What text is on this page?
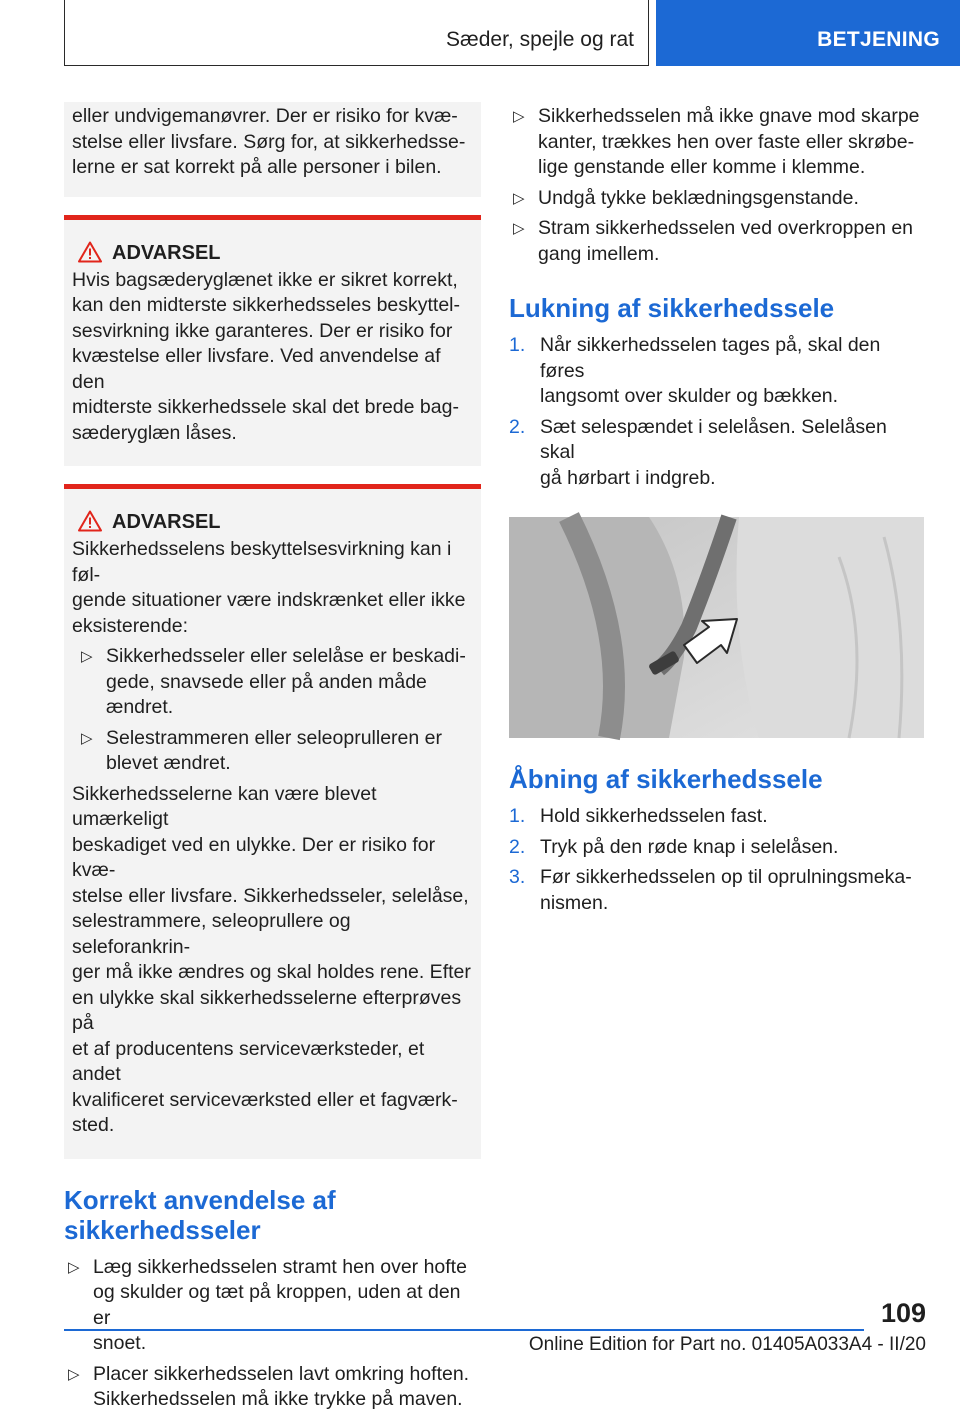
Sæder, spejle og rat	BETJENING

eller undvigemanøvrer. Der er risiko for kvæ-

stelse eller livsfare. Sørg for, at sikkerhedsse-

lerne er sat korrekt på alle personer i bilen.

ADVARSEL

Hvis bagsæderyglænet ikke er sikret korrekt,

kan den midterste sikkerhedsseles beskyttel-

sesvirkning ikke garanteres. Der er risiko for

kvæstelse eller livsfare. Ved anvendelse af den

midterste sikkerhedssele skal det brede bag-

sæderyglæn låses.

ADVARSEL

Sikkerhedsselens beskyttelsesvirkning kan i føl-

gende situationer være indskrænket eller ikke

eksisterende:

▷ Sikkerhedsseler eller selelåse er beskadi-

gede, snavsede eller på anden måde

ændret.

▷ Selestrammeren eller seleoprulleren er

blevet ændret.

Sikkerhedsselerne kan være blevet umærkeligt

beskadiget ved en ulykke. Der er risiko for kvæ-

stelse eller livsfare. Sikkerhedsseler, selelåse,

selestrammere, seleoprullere og seleforankrin-

ger må ikke ændres og skal holdes rene. Efter

en ulykke skal sikkerhedsselerne efterprøves på

et af producentens serviceværksteder, et andet

kvalificeret serviceværksted eller et fagværk-

sted.

Korrekt anvendelse af
sikkerhedsseler
▷ Læg sikkerhedsselen stramt hen over hofte

og skulder og tæt på kroppen, uden at den er

snoet.

▷ Placer sikkerhedsselen lavt omkring hoften.

Sikkerhedsselen må ikke trykke på maven.

▷ Sikkerhedsselen må ikke gnave mod skarpe

kanter, trækkes hen over faste eller skrøbe-

lige genstande eller komme i klemme.

▷ Undgå tykke beklædningsgenstande.

▷ Stram sikkerhedsselen ved overkroppen en

gang imellem.

Lukning af sikkerhedssele
1. Når sikkerhedsselen tages på, skal den føres

langsomt over skulder og bækken.

2. Sæt selespændet i selelåsen. Selelåsen skal

gå hørbart i indgreb.

Åbning af sikkerhedssele
1. Hold sikkerhedsselen fast.

2. Tryk på den røde knap i selelåsen.

3. Før sikkerhedsselen op til oprulningsmeka-

nismen.

109
Online Edition for Part no. 01405A033A4 - II/20
